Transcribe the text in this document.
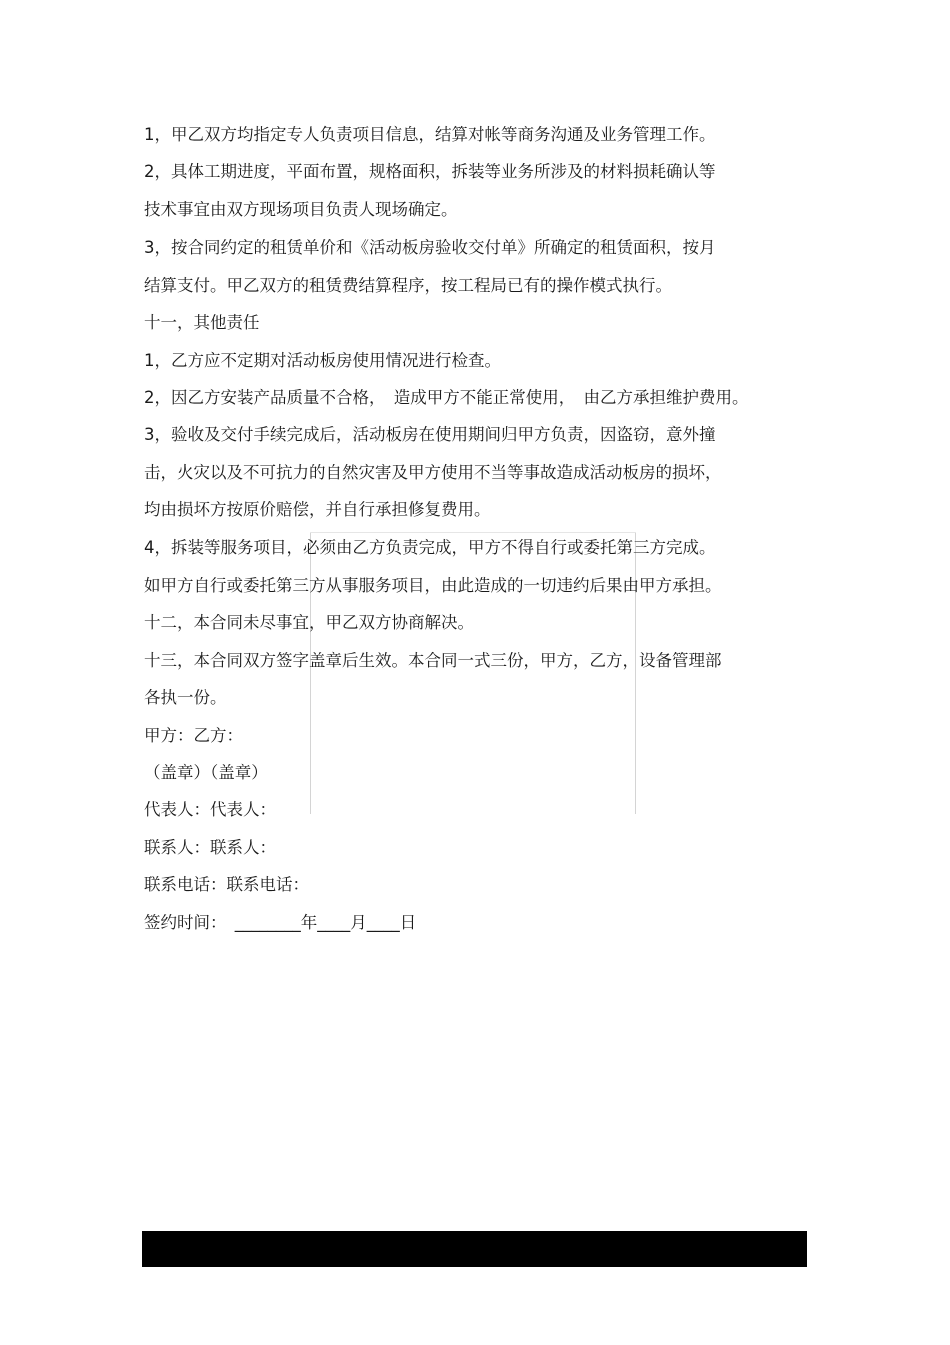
1，甲乙双方均指定专人负责项目信息，结算对帐等商务沟通及业务管理工作。
2，具体工期进度，平面布置，规格面积，拆装等业务所涉及的材料损耗确认等
技术事宜由双方现场项目负责人现场确定。
3，按合同约定的租赁单价和《活动板房验收交付单》所确定的租赁面积，按月
结算支付。甲乙双方的租赁费结算程序，按工程局已有的操作模式执行。
十一，其他责任
1，乙方应不定期对活动板房使用情况进行检查。
2，因乙方安装产品质量不合格，　造成甲方不能正常使用，　由乙方承担维护费用。
3，验收及交付手续完成后，活动板房在使用期间归甲方负责，因盗窃，意外撞
击，火灾以及不可抗力的自然灾害及甲方使用不当等事故造成活动板房的损坏，
均由损坏方按原价赔偿，并自行承担修复费用。
4，拆装等服务项目，必须由乙方负责完成，甲方不得自行或委托第三方完成。
如甲方自行或委托第三方从事服务项目，由此造成的一切违约后果由甲方承担。
十二，本合同未尽事宜，甲乙双方协商解决。
十三，本合同双方签字盖章后生效。本合同一式三份，甲方，乙方，设备管理部
各执一份。
甲方：乙方：
（盖章）（盖章）
代表人：代表人：
联系人：联系人：
联系电话：联系电话：
签约时间：　________年____月____日
